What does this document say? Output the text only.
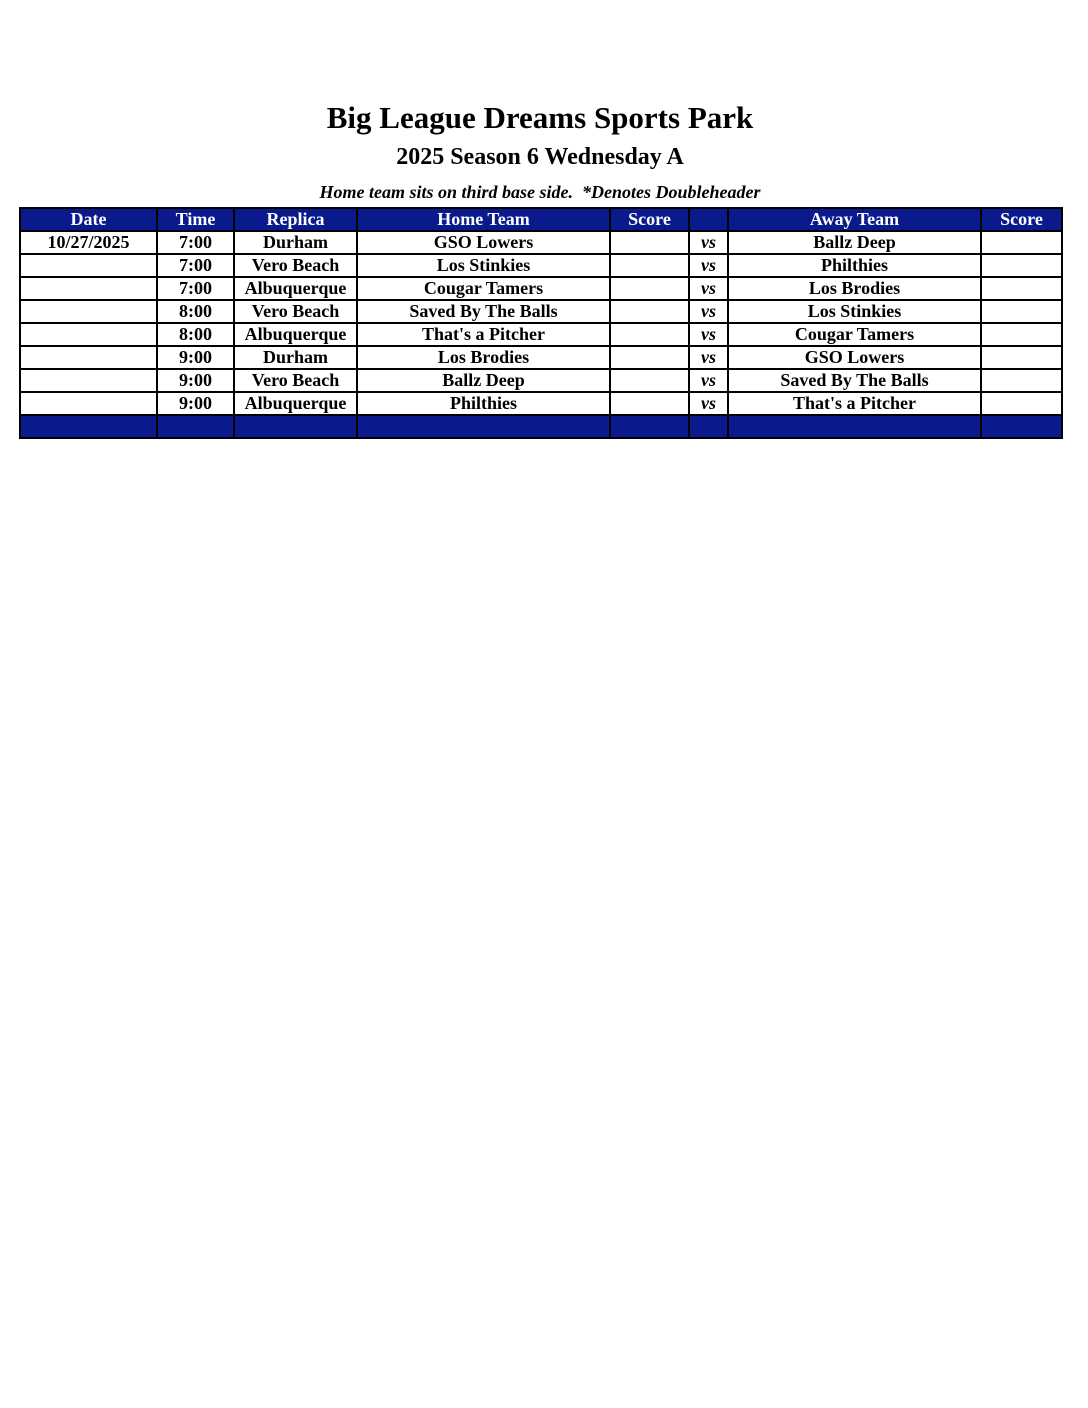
Big League Dreams Sports Park
2025 Season 6 Wednesday A
Home team sits on third base side.  *Denotes Doubleheader
Date	Time	Replica	Home Team	Score		Away Team	Score
10/27/2025	7:00	Durham	GSO Lowers		vs	Ballz Deep	
	7:00	Vero Beach	Los Stinkies		vs	Philthies	
	7:00	Albuquerque	Cougar Tamers		vs	Los Brodies	
	8:00	Vero Beach	Saved By The Balls		vs	Los Stinkies	
	8:00	Albuquerque	That's a Pitcher		vs	Cougar Tamers	
	9:00	Durham	Los Brodies		vs	GSO Lowers	
	9:00	Vero Beach	Ballz Deep		vs	Saved By The Balls	
	9:00	Albuquerque	Philthies		vs	That's a Pitcher	
